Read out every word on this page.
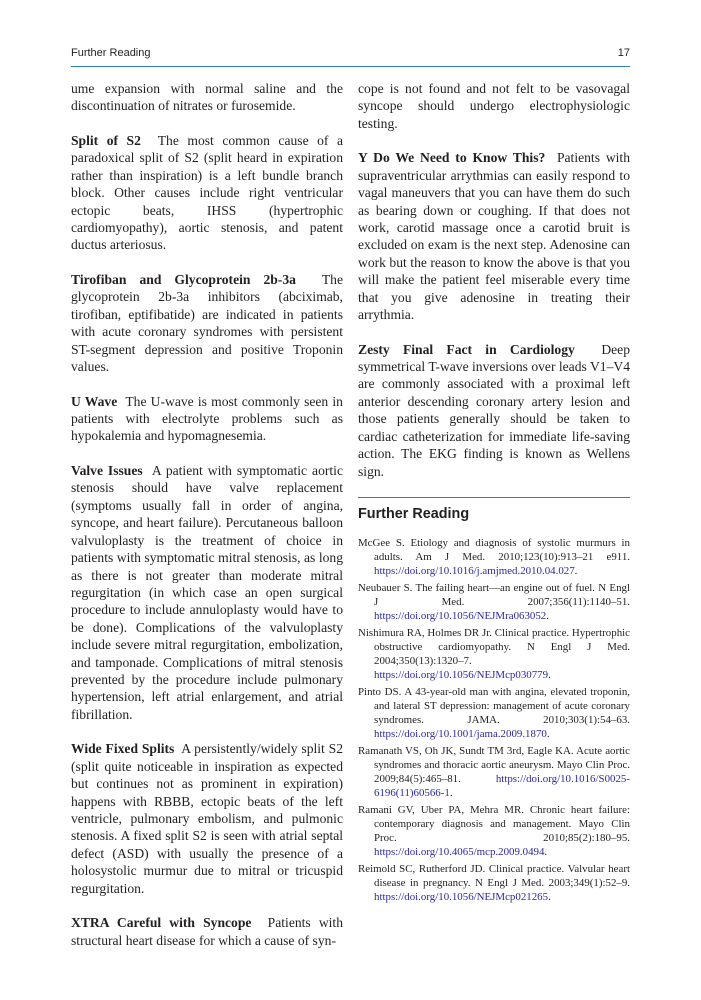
Further Reading	17

ume expansion with normal saline and the discontinuation of nitrates or furosemide.

Split of S2 The most common cause of a paradoxical split of S2 (split heard in expiration rather than inspiration) is a left bundle branch block. Other causes include right ventricular ectopic beats, IHSS (hypertrophic cardiomyopathy), aortic stenosis, and patent ductus arteriosus.

Tirofiban and Glycoprotein 2b-3a The glycoprotein 2b-3a inhibitors (abciximab, tirofiban, eptifibatide) are indicated in patients with acute coronary syndromes with persistent ST-segment depression and positive Troponin values.

U Wave The U-wave is most commonly seen in patients with electrolyte problems such as hypokalemia and hypomagnesemia.

Valve Issues A patient with symptomatic aortic stenosis should have valve replacement (symptoms usually fall in order of angina, syncope, and heart failure). Percutaneous balloon valvuloplasty is the treatment of choice in patients with symptomatic mitral stenosis, as long as there is not greater than moderate mitral regurgitation (in which case an open surgical procedure to include annuloplasty would have to be done). Complications of the valvuloplasty include severe mitral regurgitation, embolization, and tamponade. Complications of mitral stenosis prevented by the procedure include pulmonary hypertension, left atrial enlargement, and atrial fibrillation.

Wide Fixed Splits A persistently/widely split S2 (split quite noticeable in inspiration as expected but continues not as prominent in expiration) happens with RBBB, ectopic beats of the left ventricle, pulmonary embolism, and pulmonic stenosis. A fixed split S2 is seen with atrial septal defect (ASD) with usually the presence of a holosystolic murmur due to mitral or tricuspid regurgitation.

XTRA Careful with Syncope Patients with structural heart disease for which a cause of syn-

cope is not found and not felt to be vasovagal syncope should undergo electrophysiologic testing.

Y Do We Need to Know This? Patients with supraventricular arrythmias can easily respond to vagal maneuvers that you can have them do such as bearing down or coughing. If that does not work, carotid massage once a carotid bruit is excluded on exam is the next step. Adenosine can work but the reason to know the above is that you will make the patient feel miserable every time that you give adenosine in treating their arrythmia.

Zesty Final Fact in Cardiology Deep symmetrical T-wave inversions over leads V1–V4 are commonly associated with a proximal left anterior descending coronary artery lesion and those patients generally should be taken to cardiac catheterization for immediate life-saving action. The EKG finding is known as Wellens sign.

Further Reading
McGee S. Etiology and diagnosis of systolic murmurs in adults. Am J Med. 2010;123(10):913–21 e911. https://doi.org/10.1016/j.amjmed.2010.04.027.
Neubauer S. The failing heart—an engine out of fuel. N Engl J Med. 2007;356(11):1140–51. https://doi.org/10.1056/NEJMra063052.
Nishimura RA, Holmes DR Jr. Clinical practice. Hypertrophic obstructive cardiomyopathy. N Engl J Med. 2004;350(13):1320–7. https://doi.org/10.1056/NEJMcp030779.
Pinto DS. A 43-year-old man with angina, elevated troponin, and lateral ST depression: management of acute coronary syndromes. JAMA. 2010;303(1):54–63. https://doi.org/10.1001/jama.2009.1870.
Ramanath VS, Oh JK, Sundt TM 3rd, Eagle KA. Acute aortic syndromes and thoracic aortic aneurysm. Mayo Clin Proc. 2009;84(5):465–81.	https://doi.org/10.1016/S0025-6196(11)60566-1.
Ramani GV, Uber PA, Mehra MR. Chronic heart failure: contemporary diagnosis and management. Mayo Clin Proc. 2010;85(2):180–95. https://doi.org/10.4065/mcp.2009.0494.
Reimold SC, Rutherford JD. Clinical practice. Valvular heart disease in pregnancy. N Engl J Med. 2003;349(1):52–9. https://doi.org/10.1056/NEJMcp021265.
